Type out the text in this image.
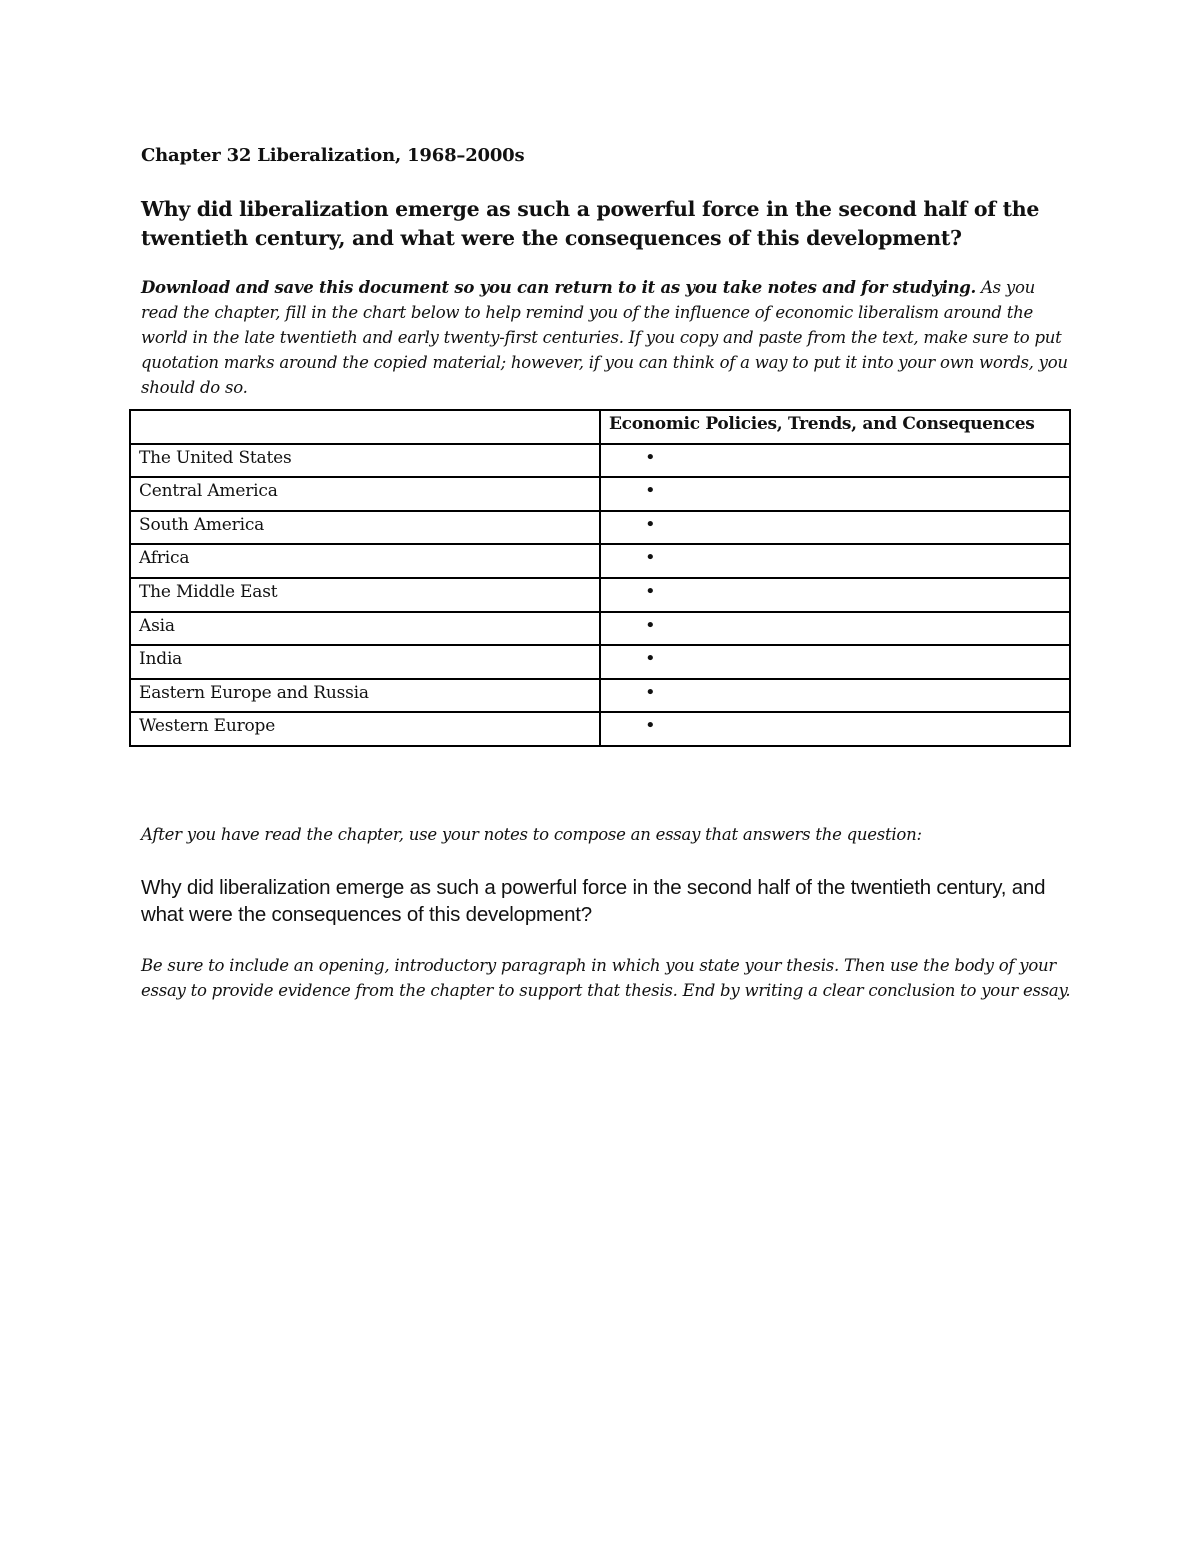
Chapter 32 Liberalization, 1968–2000s
Why did liberalization emerge as such a powerful force in the second half of the twentieth century, and what were the consequences of this development?
Download and save this document so you can return to it as you take notes and for studying. As you read the chapter, fill in the chart below to help remind you of the influence of economic liberalism around the world in the late twentieth and early twenty-first centuries. If you copy and paste from the text, make sure to put quotation marks around the copied material; however, if you can think of a way to put it into your own words, you should do so.
	Economic Policies, Trends, and Consequences
The United States	•
Central America	•
South America	•
Africa	•
The Middle East	•
Asia	•
India	•
Eastern Europe and Russia	•
Western Europe	•
After you have read the chapter, use your notes to compose an essay that answers the question:
Why did liberalization emerge as such a powerful force in the second half of the twentieth century, and what were the consequences of this development?
Be sure to include an opening, introductory paragraph in which you state your thesis. Then use the body of your essay to provide evidence from the chapter to support that thesis. End by writing a clear conclusion to your essay.
